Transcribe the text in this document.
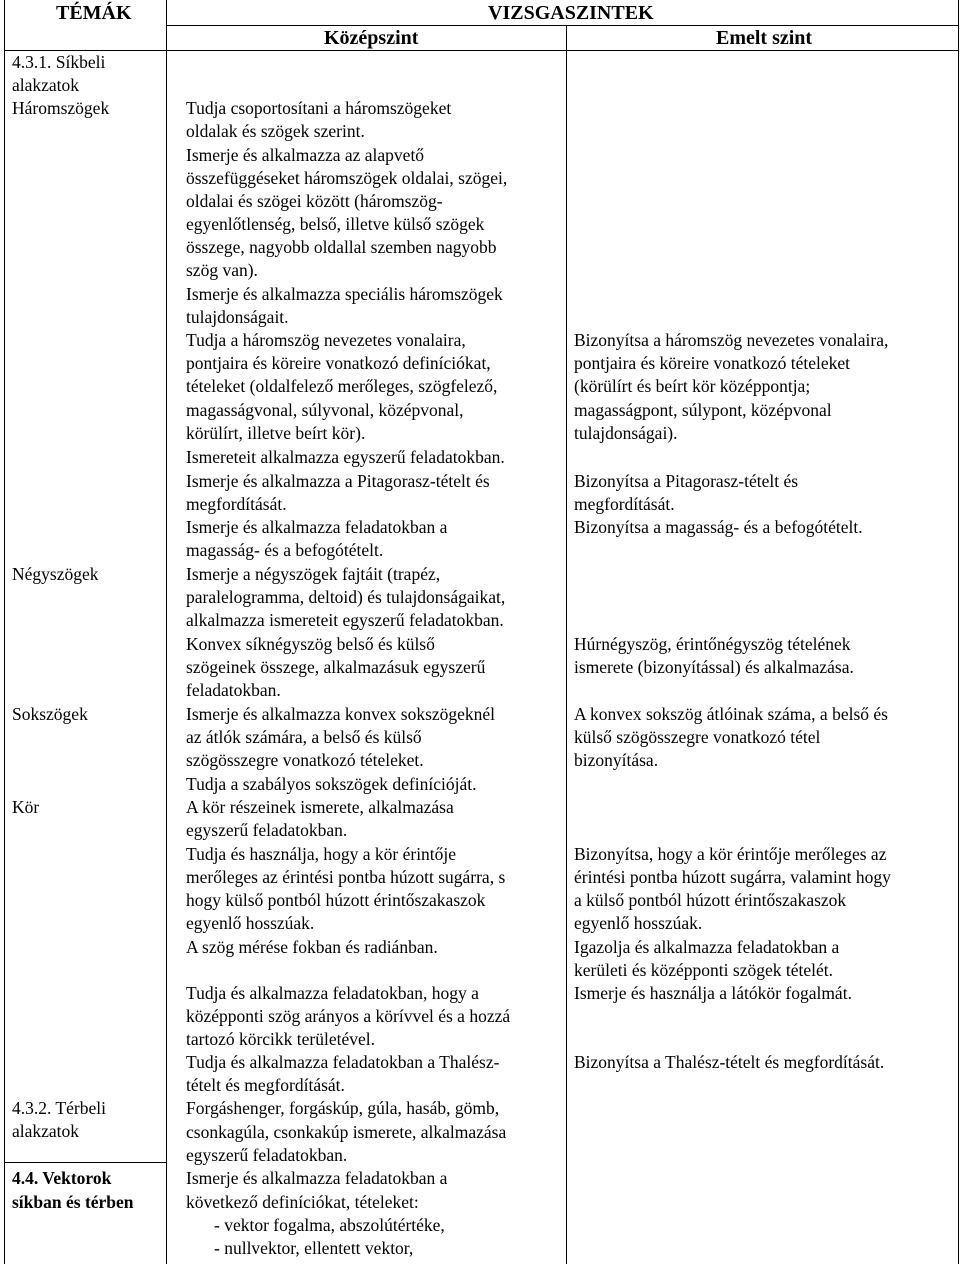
TÉMÁK	VIZSGASZINTEK
Középszint	Emelt szint
4.3.1. Síkbeli
alakzatok
Háromszögek
Négyszögek
Sokszögek
Kör
4.3.2. Térbeli
alakzatok
4.4. Vektorok
síkban és térben
Tudja csoportosítani a háromszögeket
oldalak és szögek szerint.
Ismerje és alkalmazza az alapvető
összefüggéseket háromszögek oldalai, szögei,
oldalai és szögei között (háromszög-
egyenlőtlenség, belső, illetve külső szögek
összege, nagyobb oldallal szemben nagyobb
szög van).
Ismerje és alkalmazza speciális háromszögek
tulajdonságait.
Tudja a háromszög nevezetes vonalaira,
pontjaira és köreire vonatkozó definíciókat,
tételeket (oldalfelező merőleges, szögfelező,
magasságvonal, súlyvonal, középvonal,
körülírt, illetve beírt kör).
Ismereteit alkalmazza egyszerű feladatokban.
Ismerje és alkalmazza a Pitagorasz-tételt és
megfordítását.
Ismerje és alkalmazza feladatokban a
magasság- és a befogótételt.
Ismerje a négyszögek fajtáit (trapéz,
paralelogramma, deltoid) és tulajdonságaikat,
alkalmazza ismereteit egyszerű feladatokban.
Konvex síknégyszög belső és külső
szögeinek összege, alkalmazásuk egyszerű
feladatokban.
Ismerje és alkalmazza konvex sokszögeknél
az átlók számára, a belső és külső
szögösszegre vonatkozó tételeket.
Tudja a szabályos sokszögek definícióját.
A kör részeinek ismerete, alkalmazása
egyszerű feladatokban.
Tudja és használja, hogy a kör érintője
merőleges az érintési pontba húzott sugárra, s
hogy külső pontból húzott érintőszakaszok
egyenlő hosszúak.
A szög mérése fokban és radiánban.
Tudja és alkalmazza feladatokban, hogy a
középponti szög arányos a körívvel és a hozzá
tartozó körcikk területével.
Tudja és alkalmazza feladatokban a Thalész-
tételt és megfordítását.
Forgáshenger, forgáskúp, gúla, hasáb, gömb,
csonkagúla, csonkakúp ismerete, alkalmazása
egyszerű feladatokban.
Ismerje és alkalmazza feladatokban a
következő definíciókat, tételeket:
- vektor fogalma, abszolútértéke,
- nullvektor, ellentett vektor,
Bizonyítsa a háromszög nevezetes vonalaira,
pontjaira és köreire vonatkozó tételeket
(körülírt és beírt kör középpontja;
magasságpont, súlypont, középvonal
tulajdonságai).
Bizonyítsa a Pitagorasz-tételt és
megfordítását.
Bizonyítsa a magasság- és a befogótételt.
Húrnégyszög, érintőnégyszög tételének
ismerete (bizonyítással) és alkalmazása.
A konvex sokszög átlóinak száma, a belső és
külső szögösszegre vonatkozó tétel
bizonyítása.
Bizonyítsa, hogy a kör érintője merőleges az
érintési pontba húzott sugárra, valamint hogy
a külső pontból húzott érintőszakaszok
egyenlő hosszúak.
Igazolja és alkalmazza feladatokban a
kerületi és középponti szögek tételét.
Ismerje és használja a látókör fogalmát.
Bizonyítsa a Thalész-tételt és megfordítását.
